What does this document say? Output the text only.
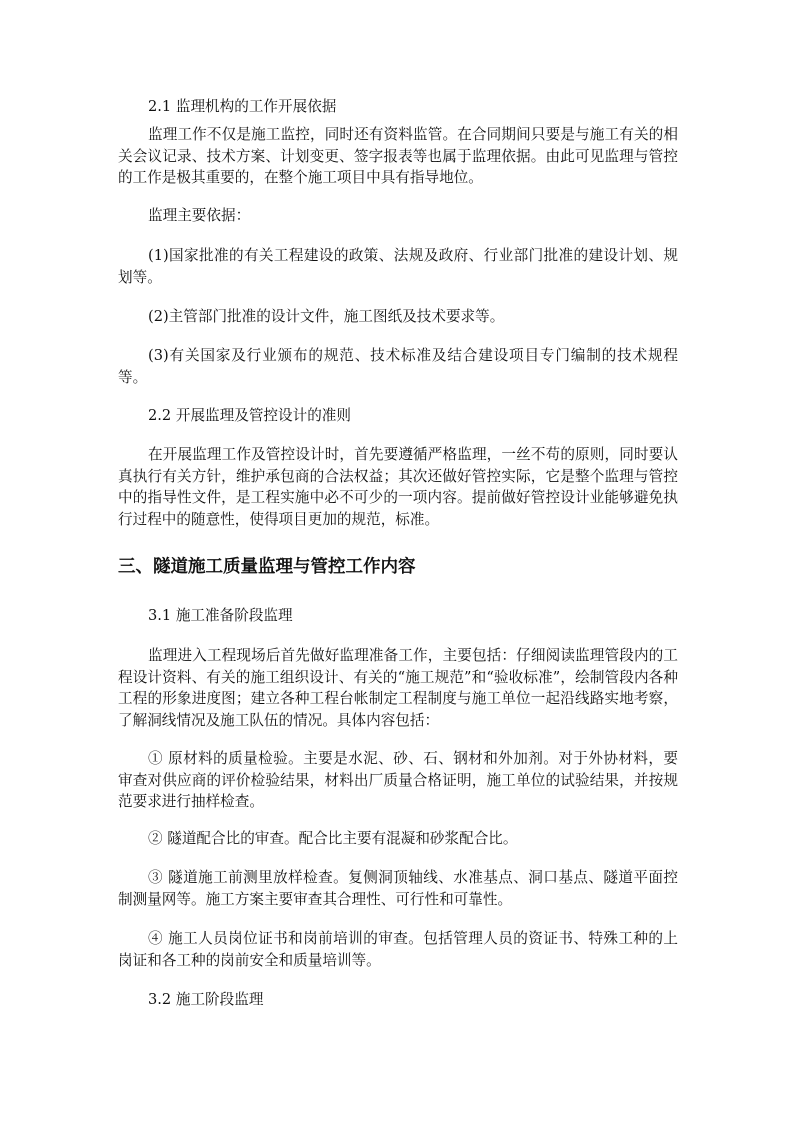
2.1 监理机构的工作开展依据

监理工作不仅是施工监控，同时还有资料监管。在合同期间只要是与施工有关的相关会议记录、技术方案、计划变更、签字报表等也属于监理依据。由此可见监理与管控的工作是极其重要的，在整个施工项目中具有指导地位。

监理主要依据：

(1)国家批准的有关工程建设的政策、法规及政府、行业部门批准的建设计划、规划等。

(2)主管部门批准的设计文件，施工图纸及技术要求等。

(3)有关国家及行业颁布的规范、技术标准及结合建设项目专门编制的技术规程等。

2.2 开展监理及管控设计的准则

在开展监理工作及管控设计时，首先要遵循严格监理，一丝不苟的原则，同时要认真执行有关方针，维护承包商的合法权益；其次还做好管控实际，它是整个监理与管控中的指导性文件，是工程实施中必不可少的一项内容。提前做好管控设计业能够避免执行过程中的随意性，使得项目更加的规范，标准。

三、隧道施工质量监理与管控工作内容

3.1 施工准备阶段监理

监理进入工程现场后首先做好监理准备工作，主要包括：仔细阅读监理管段内的工程设计资料、有关的施工组织设计、有关的“施工规范”和“验收标准”，绘制管段内各种工程的形象进度图；建立各种工程台帐制定工程制度与施工单位一起沿线路实地考察，了解洞线情况及施工队伍的情况。具体内容包括：

① 原材料的质量检验。主要是水泥、砂、石、钢材和外加剂。对于外协材料，要审查对供应商的评价检验结果，材料出厂质量合格证明，施工单位的试验结果，并按规范要求进行抽样检查。

② 隧道配合比的审查。配合比主要有混凝和砂浆配合比。

③ 隧道施工前测里放样检查。复侧洞顶轴线、水准基点、洞口基点、隧道平面控制测量网等。施工方案主要审查其合理性、可行性和可靠性。

④ 施工人员岗位证书和岗前培训的审查。包括管理人员的资证书、特殊工种的上岗证和各工种的岗前安全和质量培训等。

3.2 施工阶段监理
